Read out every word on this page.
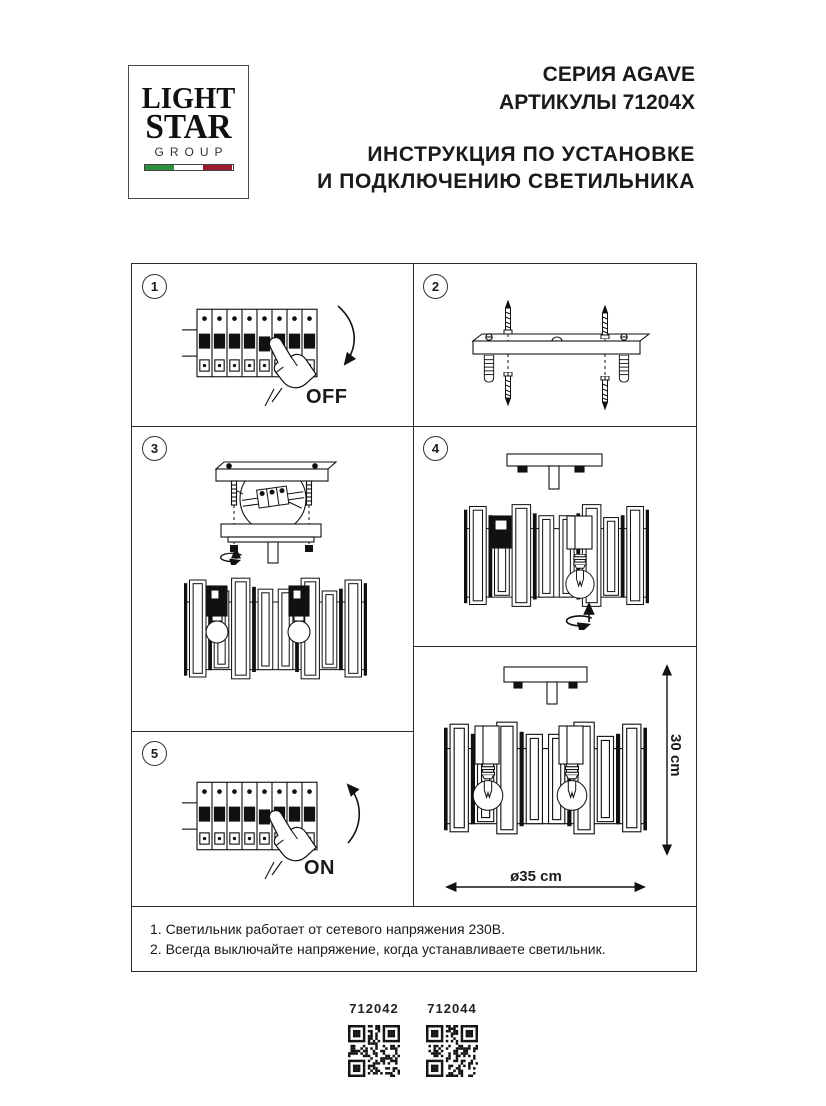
LIGHT
STAR
GROUP
СЕРИЯ AGAVE
АРТИКУЛЫ 71204X
ИНСТРУКЦИЯ ПО УСТАНОВКЕ
И ПОДКЛЮЧЕНИЮ СВЕТИЛЬНИКА
1
OFF
2
3	4
30 cm
ø35 cm
5
ON
1. Светильник работает от сетевого напряжения 230В.
2. Всегда выключайте напряжение, когда устанавливаете светильник.
712042 712044
